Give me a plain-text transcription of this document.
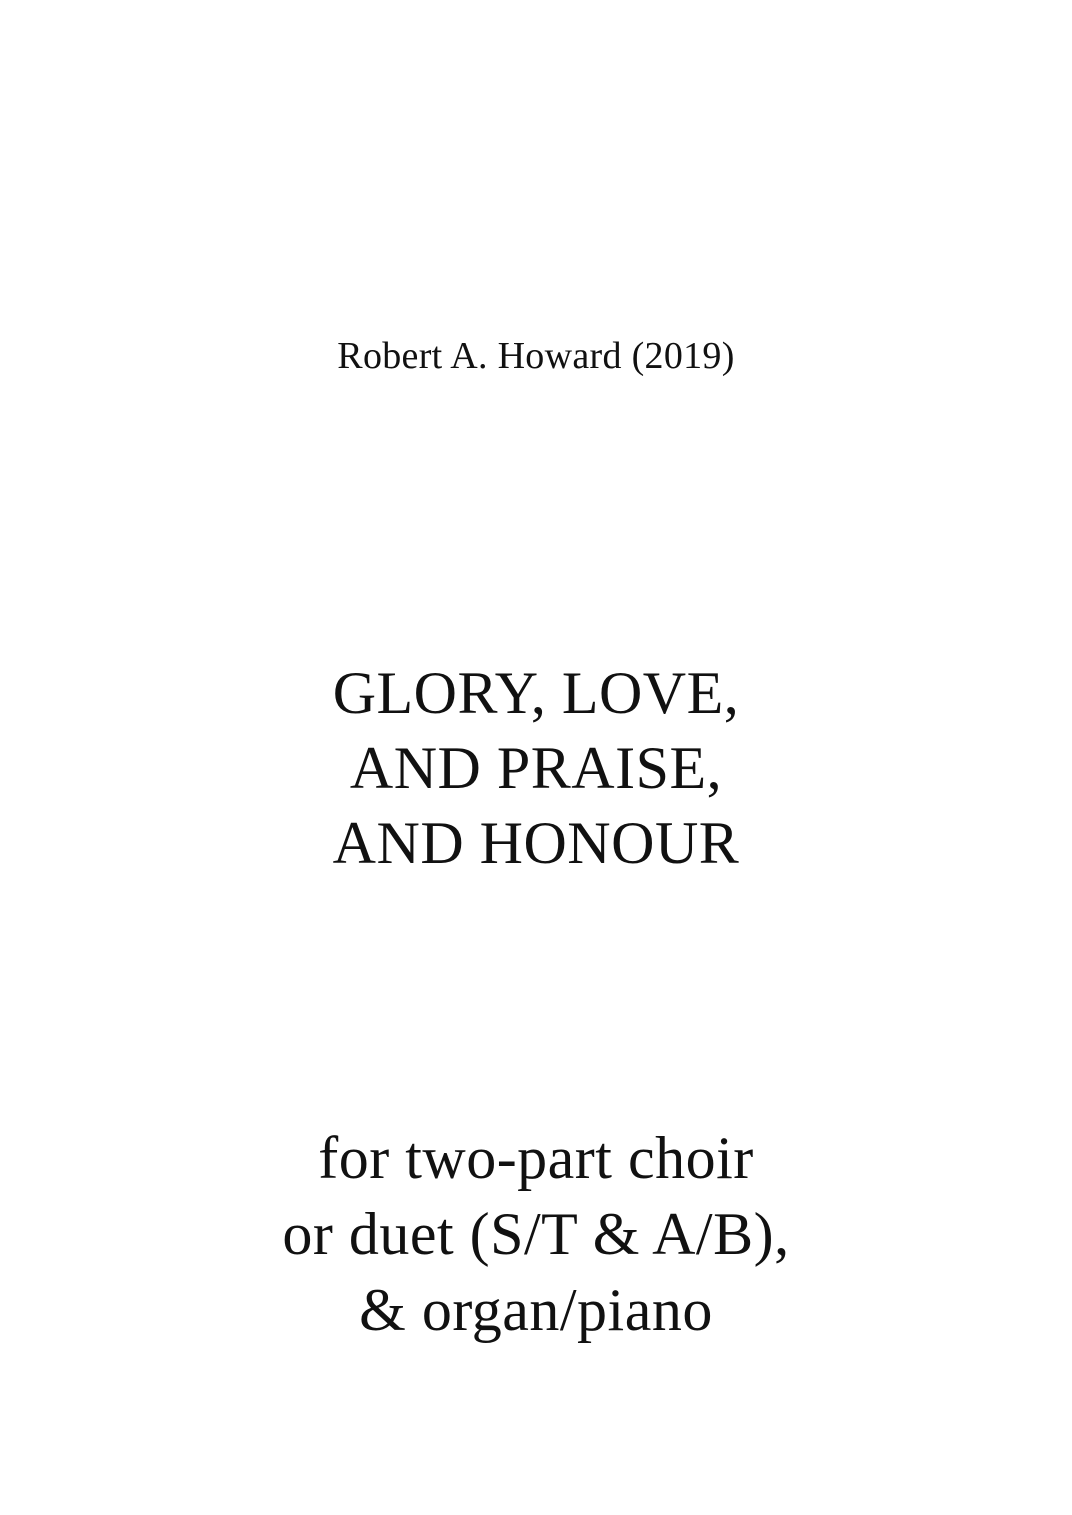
Robert A. Howard (2019)
GLORY, LOVE,
AND PRAISE,
AND HONOUR
for two-part choir
or duet (S/T & A/B),
& organ/piano
